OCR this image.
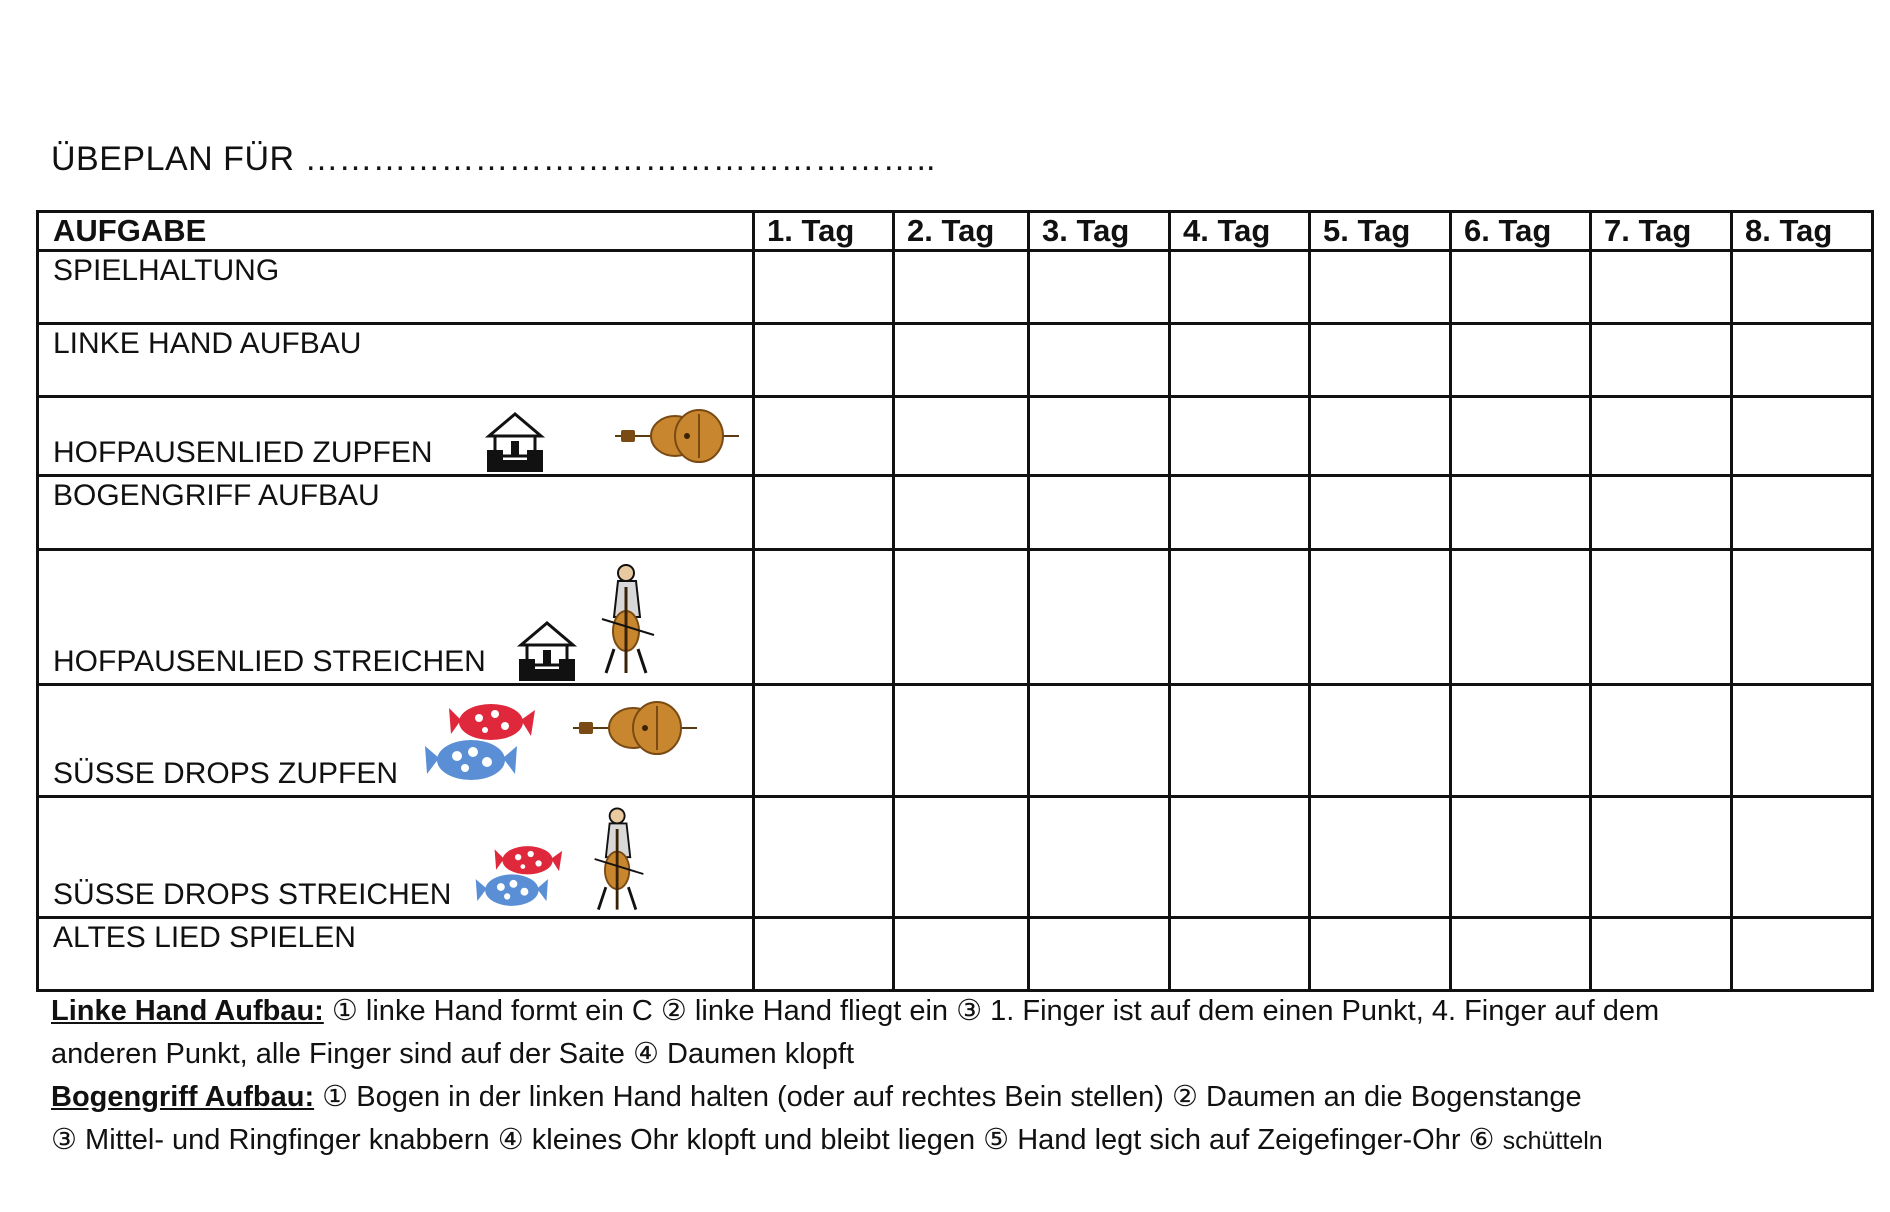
ÜBEPLAN FÜR ………………………………………………..
AUFGABE	1. Tag	2. Tag	3. Tag	4. Tag	5. Tag	6. Tag	7. Tag	8. Tag

SPIELHALTUNG								

LINKE HAND AUFBAU								

HOFPAUSENLIED ZUPFEN								

BOGENGRIFF AUFBAU								

HOFPAUSENLIED STREICHEN								

SÜSSE DROPS ZUPFEN								

SÜSSE DROPS STREICHEN								

ALTES LIED SPIELEN								

Linke Hand Aufbau: ① linke Hand formt ein C ② linke Hand fliegt ein ③ 1. Finger ist auf dem einen Punkt, 4. Finger auf dem
anderen Punkt, alle Finger sind auf der Saite ④ Daumen klopft
Bogengriff Aufbau: ① Bogen in der linken Hand halten (oder auf rechtes Bein stellen) ② Daumen an die Bogenstange
③ Mittel- und Ringfinger knabbern ④ kleines Ohr klopft und bleibt liegen ⑤ Hand legt sich auf Zeigefinger-Ohr ⑥ schütteln
